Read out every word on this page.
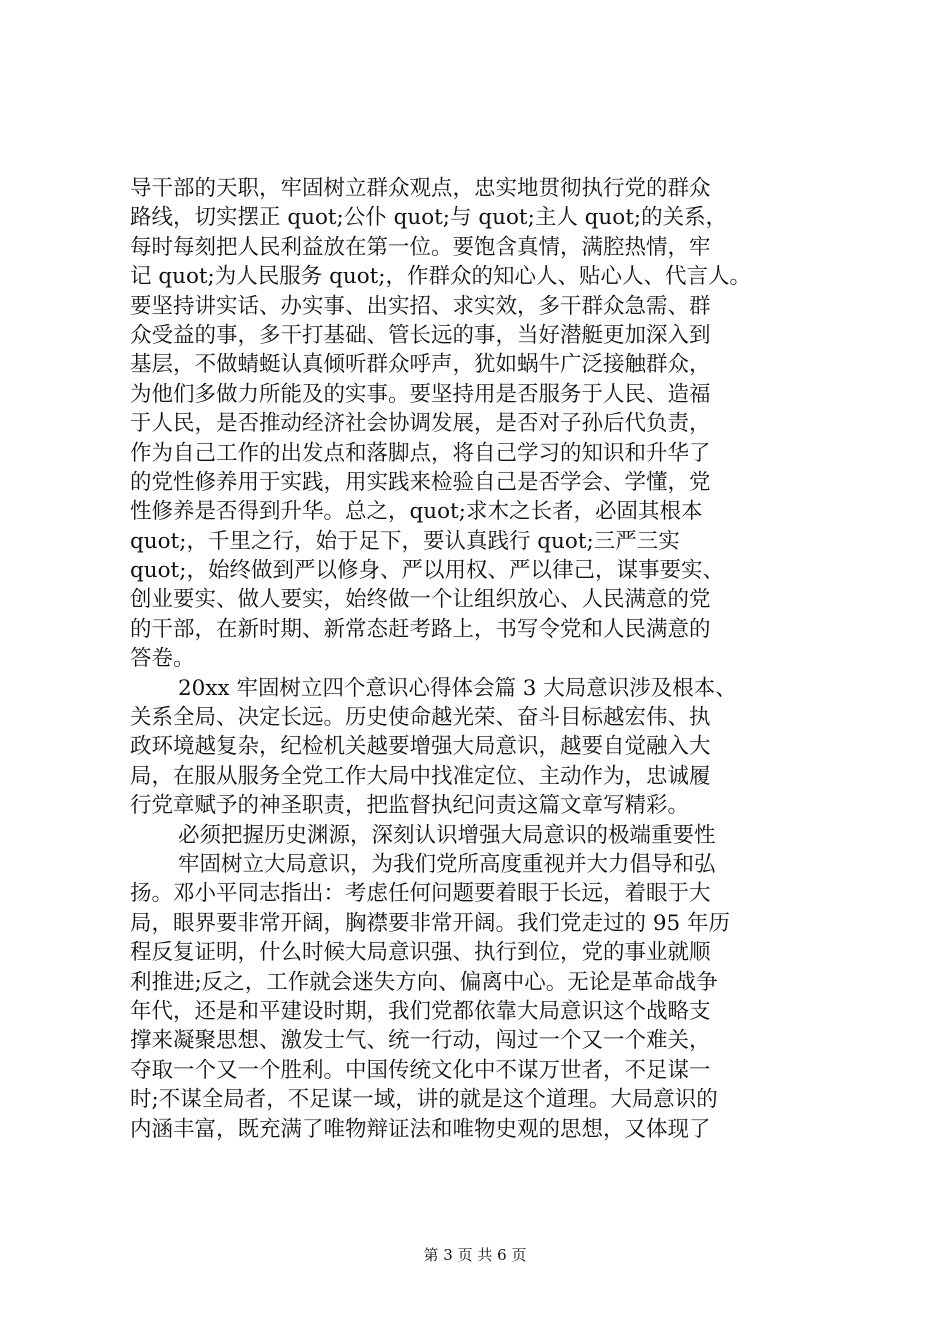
导干部的天职，牢固树立群众观点，忠实地贯彻执行党的群众
路线，切实摆正 quot;公仆 quot;与 quot;主人 quot;的关系，
每时每刻把人民利益放在第一位。要饱含真情，满腔热情，牢
记 quot;为人民服务 quot;，作群众的知心人、贴心人、代言人。
要坚持讲实话、办实事、出实招、求实效，多干群众急需、群
众受益的事，多干打基础、管长远的事，当好潜艇更加深入到
基层，不做蜻蜓认真倾听群众呼声，犹如蜗牛广泛接触群众，
为他们多做力所能及的实事。要坚持用是否服务于人民、造福
于人民，是否推动经济社会协调发展，是否对子孙后代负责，
作为自己工作的出发点和落脚点，将自己学习的知识和升华了
的党性修养用于实践，用实践来检验自己是否学会、学懂，党
性修养是否得到升华。总之，quot;求木之长者，必固其根本
quot;，千里之行，始于足下，要认真践行 quot;三严三实
quot;，始终做到严以修身、严以用权、严以律己，谋事要实、
创业要实、做人要实，始终做一个让组织放心、人民满意的党
的干部，在新时期、新常态赶考路上，书写令党和人民满意的
答卷。
20xx 牢固树立四个意识心得体会篇 3 大局意识涉及根本、
关系全局、决定长远。历史使命越光荣、奋斗目标越宏伟、执
政环境越复杂，纪检机关越要增强大局意识，越要自觉融入大
局，在服从服务全党工作大局中找准定位、主动作为，忠诚履
行党章赋予的神圣职责，把监督执纪问责这篇文章写精彩。
必须把握历史渊源，深刻认识增强大局意识的极端重要性
牢固树立大局意识，为我们党所高度重视并大力倡导和弘
扬。邓小平同志指出：考虑任何问题要着眼于长远，着眼于大
局，眼界要非常开阔，胸襟要非常开阔。我们党走过的 95 年历
程反复证明，什么时候大局意识强、执行到位，党的事业就顺
利推进;反之，工作就会迷失方向、偏离中心。无论是革命战争
年代，还是和平建设时期，我们党都依靠大局意识这个战略支
撑来凝聚思想、激发士气、统一行动，闯过一个又一个难关，
夺取一个又一个胜利。中国传统文化中不谋万世者，不足谋一
时;不谋全局者，不足谋一域，讲的就是这个道理。大局意识的
内涵丰富，既充满了唯物辩证法和唯物史观的思想，又体现了
第 3 页 共 6 页
